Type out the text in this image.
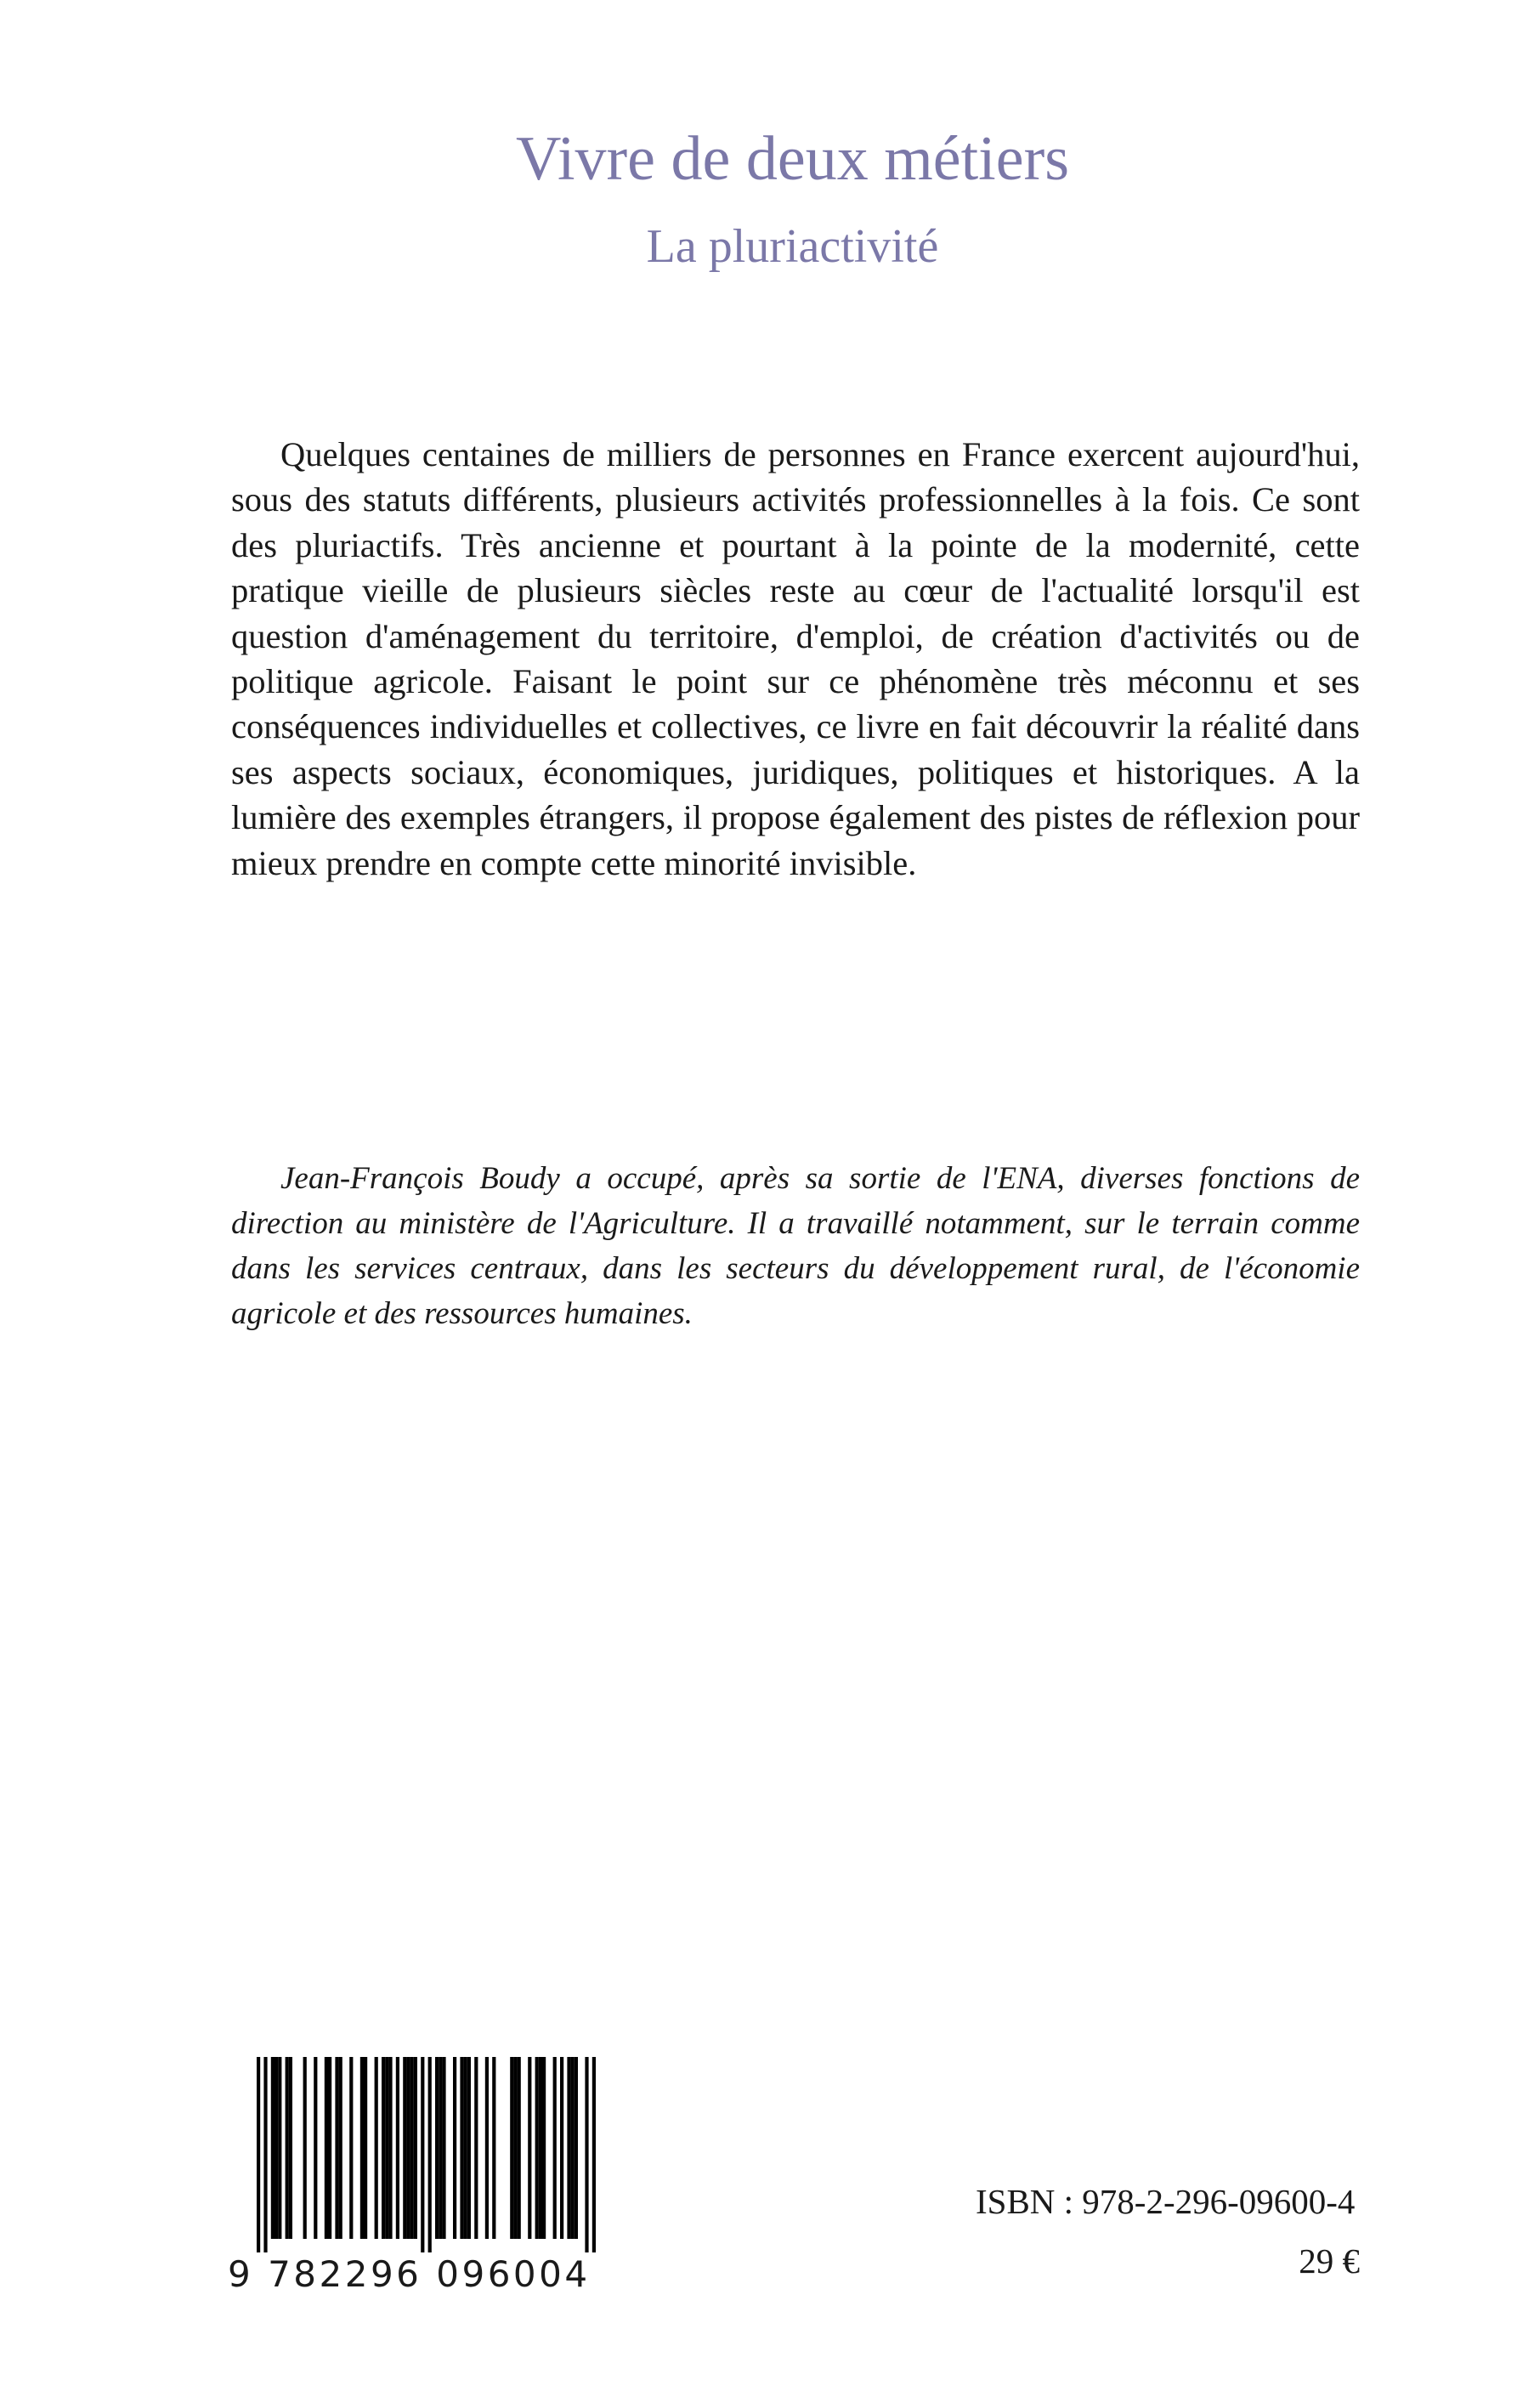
Vivre de deux métiers
La pluriactivité

Quelques centaines de milliers de personnes en France exercent aujourd'hui, sous des statuts différents, plusieurs activités professionnelles à la fois. Ce sont des pluriactifs. Très ancienne et pourtant à la pointe de la modernité, cette pratique vieille de plusieurs siècles reste au cœur de l'actualité lorsqu'il est question d'aménagement du territoire, d'emploi, de création d'activités ou de politique agricole. Faisant le point sur ce phénomène très méconnu et ses conséquences individuelles et collectives, ce livre en fait découvrir la réalité dans ses aspects sociaux, économiques, juridiques, politiques et historiques. A la lumière des exemples étrangers, il propose également des pistes de réflexion pour mieux prendre en compte cette minorité invisible.

Jean-François Boudy a occupé, après sa sortie de l'ENA, diverses fonctions de direction au ministère de l'Agriculture. Il a travaillé notamment, sur le terrain comme dans les services centraux, dans les secteurs du développement rural, de l'économie agricole et des ressources humaines.

9 782296 096004

ISBN : 978-2-296-09600-4

29 €
